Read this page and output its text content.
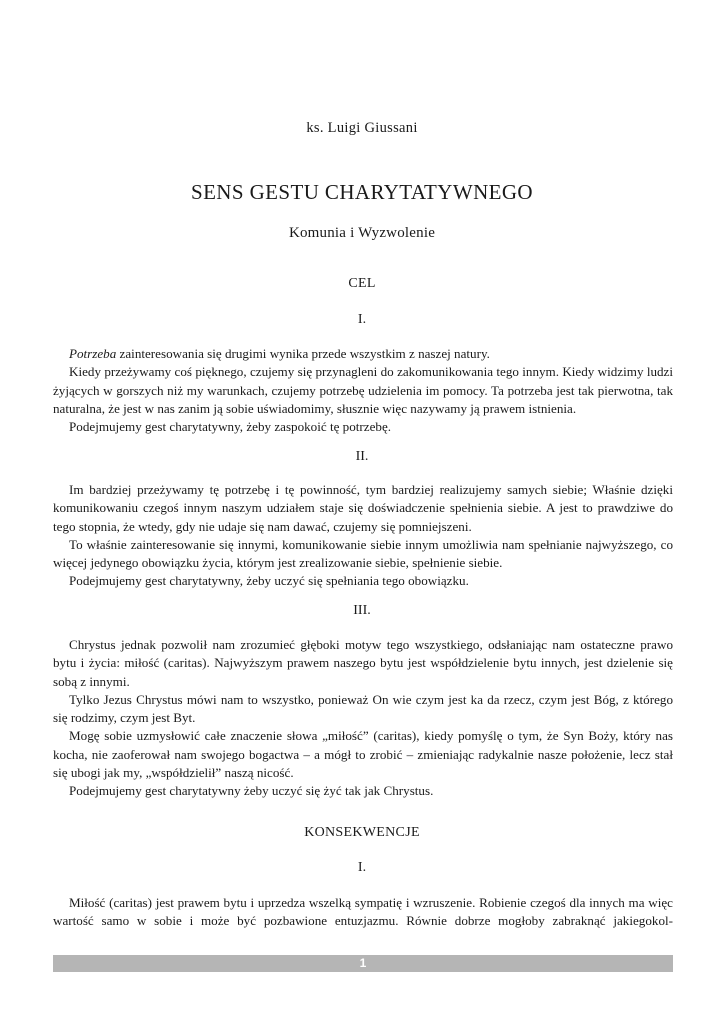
ks. Luigi Giussani
SENS GESTU CHARYTATYWNEGO
Komunia i Wyzwolenie
CEL
I.

Potrzeba zainteresowania się drugimi wynika przede wszystkim z naszej natury.

Kiedy przeżywamy coś pięknego, czujemy się przynagleni do zakomunikowania tego innym. Kiedy widzimy ludzi żyjących w gorszych niż my warunkach, czujemy potrzebę udzielenia im pomocy. Ta potrzeba jest tak pierwotna, tak naturalna, że jest w nas zanim ją sobie uświadomimy, słusznie więc nazywamy ją prawem istnienia.

Podejmujemy gest charytatywny, żeby zaspokoić tę potrzebę.

II.

Im bardziej przeżywamy tę potrzebę i tę powinność, tym bardziej realizujemy samych siebie; Właśnie dzięki komunikowaniu czegoś innym naszym udziałem staje się doświadczenie spełnienia siebie. A jest to prawdziwe do tego stopnia, że wtedy, gdy nie udaje się nam dawać, czujemy się pomniejszeni.

To właśnie zainteresowanie się innymi, komunikowanie siebie innym umożliwia nam spełnianie najwyższego, co więcej jedynego obowiązku życia, którym jest zrealizowanie siebie, spełnienie siebie.

Podejmujemy gest charytatywny, żeby uczyć się spełniania tego obowiązku.

III.

Chrystus jednak pozwolił nam zrozumieć głęboki motyw tego wszystkiego, odsłaniając nam ostateczne prawo bytu i życia: miłość (caritas). Najwyższym prawem naszego bytu jest współdzielenie bytu innych, jest dzielenie się sobą z innymi.

Tylko Jezus Chrystus mówi nam to wszystko, ponieważ On wie czym jest ka da rzecz, czym jest Bóg, z którego się rodzimy, czym jest Byt.

Mogę sobie uzmysłowić całe znaczenie słowa „miłość” (caritas), kiedy pomyślę o tym, że Syn Boży, który nas kocha, nie zaoferował nam swojego bogactwa – a mógł to zrobić – zmieniając radykalnie nasze położenie, lecz stał się ubogi jak my, „współdzielił” naszą nicość.

Podejmujemy gest charytatywny żeby uczyć się żyć tak jak Chrystus.

KONSEKWENCJE
I.

Miłość (caritas) jest prawem bytu i uprzedza wszelką sympatię i wzruszenie. Robienie czegoś dla innych ma więc wartość samo w sobie i może być pozbawione entuzjazmu. Równie dobrze mogłoby zabraknąć jakiegokol-

1
